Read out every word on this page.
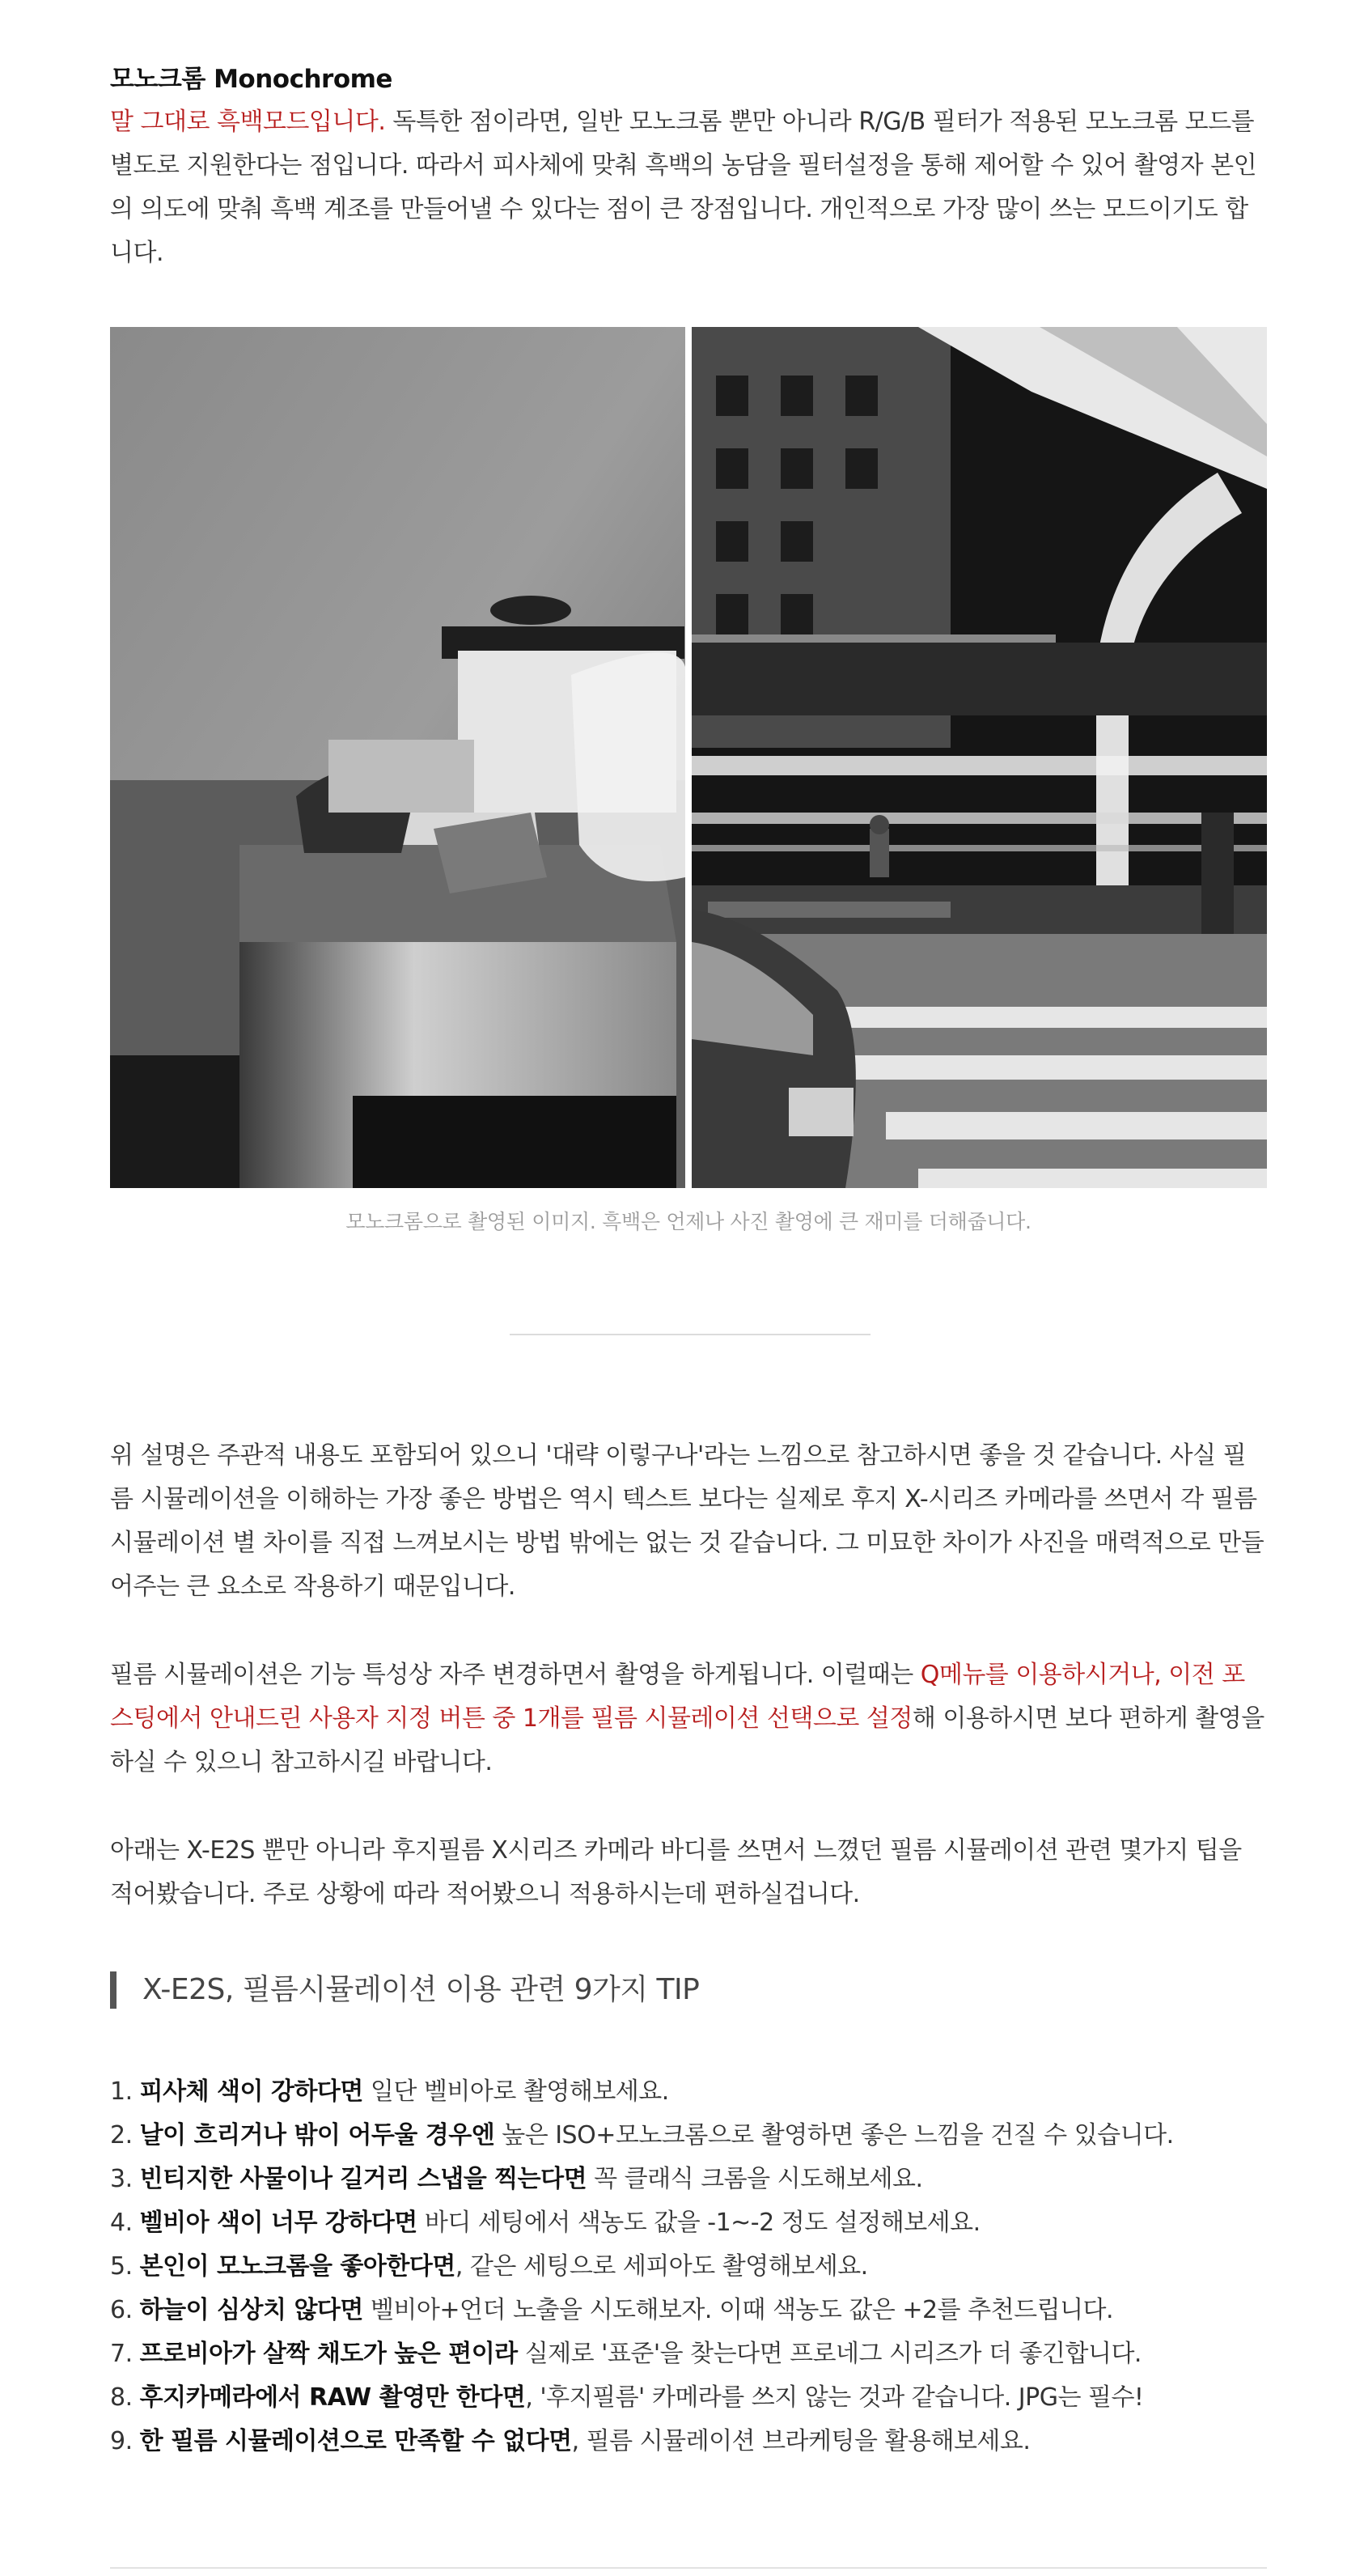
모노크롬 Monochrome

말 그대로 흑백모드입니다. 독특한 점이라면, 일반 모노크롬 뿐만 아니라 R/G/B 필터가 적용된 모노크롬 모드를 별도로 지원한다는 점입니다. 따라서 피사체에 맞춰 흑백의 농담을 필터설정을 통해 제어할 수 있어 촬영자 본인의 의도에 맞춰 흑백 계조를 만들어낼 수 있다는 점이 큰 장점입니다. 개인적으로 가장 많이 쓰는 모드이기도 합니다.

모노크롬으로 촬영된 이미지. 흑백은 언제나 사진 촬영에 큰 재미를 더해줍니다.

위 설명은 주관적 내용도 포함되어 있으니 '대략 이렇구나'라는 느낌으로 참고하시면 좋을 것 같습니다. 사실 필름 시뮬레이션을 이해하는 가장 좋은 방법은 역시 텍스트 보다는 실제로 후지 X-시리즈 카메라를 쓰면서 각 필름 시뮬레이션 별 차이를 직접 느껴보시는 방법 밖에는 없는 것 같습니다. 그 미묘한 차이가 사진을 매력적으로 만들어주는 큰 요소로 작용하기 때문입니다.

필름 시뮬레이션은 기능 특성상 자주 변경하면서 촬영을 하게됩니다. 이럴때는 Q메뉴를 이용하시거나, 이전 포스팅에서 안내드린 사용자 지정 버튼 중 1개를 필름 시뮬레이션 선택으로 설정해 이용하시면 보다 편하게 촬영을 하실 수 있으니 참고하시길 바랍니다.

아래는 X-E2S 뿐만 아니라 후지필름 X시리즈 카메라 바디를 쓰면서 느꼈던 필름 시뮬레이션 관련 몇가지 팁을 적어봤습니다. 주로 상황에 따라 적어봤으니 적용하시는데 편하실겁니다.

X-E2S, 필름시뮬레이션 이용 관련 9가지 TIP
1. 피사체 색이 강하다면 일단 벨비아로 촬영해보세요.
2. 날이 흐리거나 밖이 어두울 경우엔 높은 ISO+모노크롬으로 촬영하면 좋은 느낌을 건질 수 있습니다.
3. 빈티지한 사물이나 길거리 스냅을 찍는다면 꼭 클래식 크롬을 시도해보세요.
4. 벨비아 색이 너무 강하다면 바디 세팅에서 색농도 값을 -1~-2 정도 설정해보세요.
5. 본인이 모노크롬을 좋아한다면, 같은 세팅으로 세피아도 촬영해보세요.
6. 하늘이 심상치 않다면 벨비아+언더 노출을 시도해보자. 이때 색농도 값은 +2를 추천드립니다.
7. 프로비아가 살짝 채도가 높은 편이라 실제로 '표준'을 찾는다면 프로네그 시리즈가 더 좋긴합니다.
8. 후지카메라에서 RAW 촬영만 한다면, '후지필름' 카메라를 쓰지 않는 것과 같습니다. JPG는 필수!
9. 한 필름 시뮬레이션으로 만족할 수 없다면, 필름 시뮬레이션 브라케팅을 활용해보세요.
